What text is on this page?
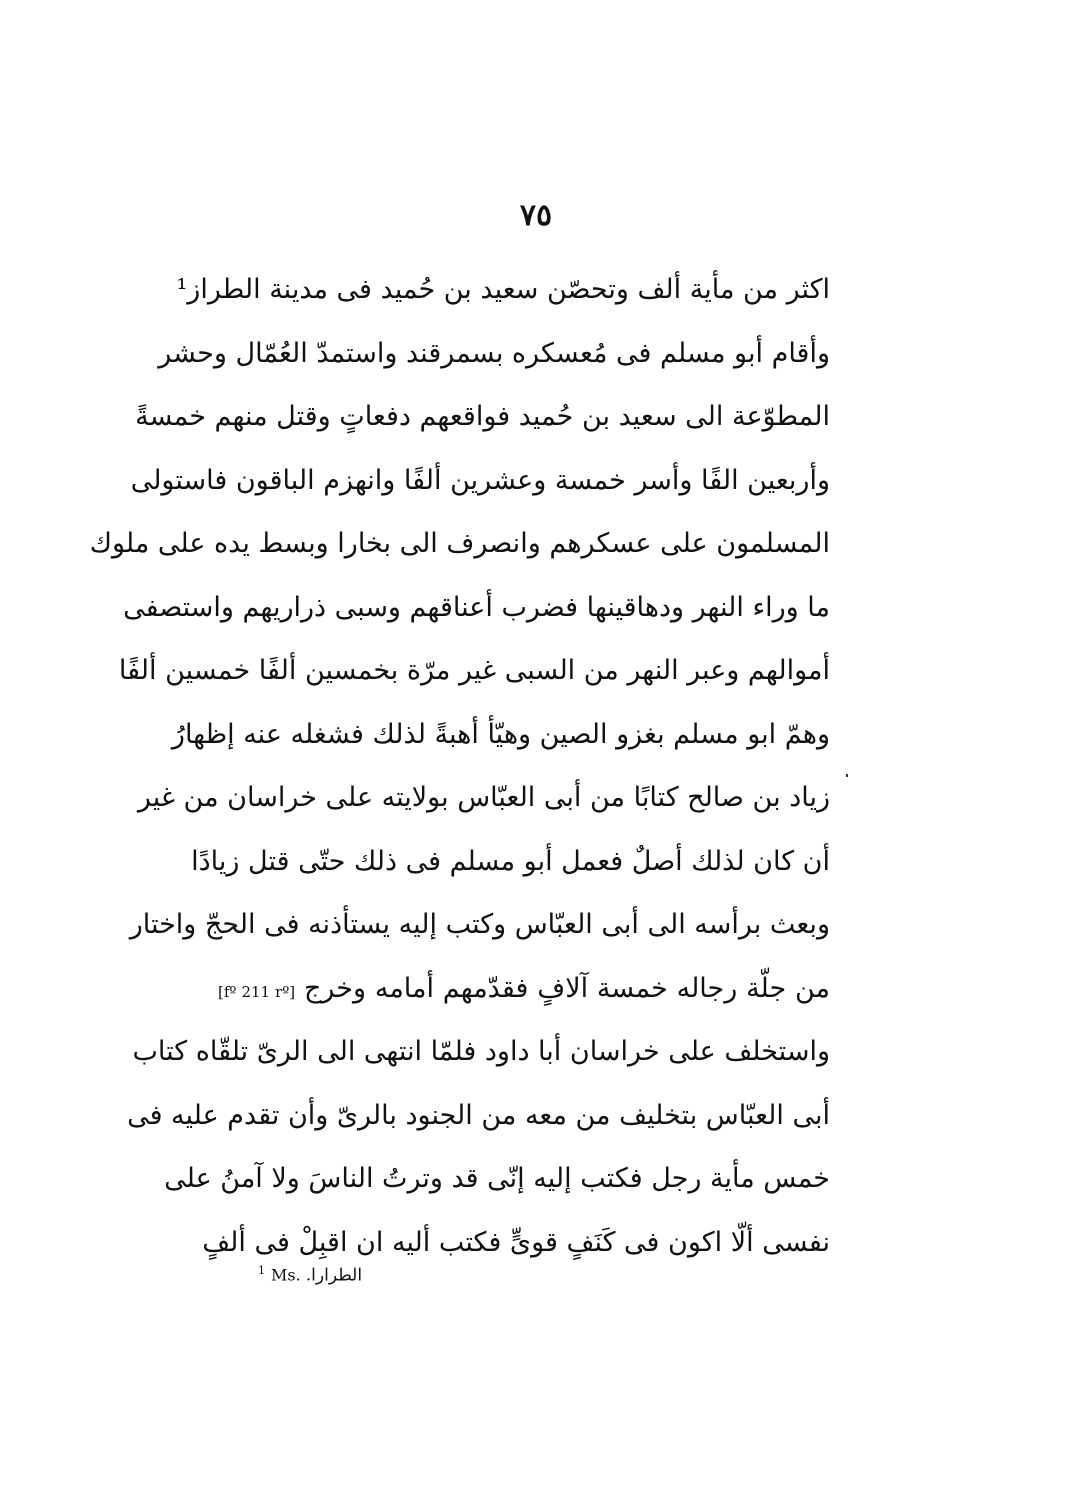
٧٥
اكثر من مأية ألف وتحصّن سعيد بن حُميد فى مدينة الطراز¹
وأقام أبو مسلم فى مُعسكره بسمرقند واستمدّ العُمّال وحشر
المطوّعة الى سعيد بن حُميد فواقعهم دفعاتٍ وقتل منهم خمسةً
وأربعين الفًا وأسر خمسة وعشرين ألفًا وانهزم الباقون فاستولى
المسلمون على عسكرهم وانصرف الى بخارا وبسط يده على ملوك
ما وراء النهر ودهاقينها فضرب أعناقهم وسبى ذراريهم واستصفى
أموالهم وعبر النهر من السبى غير مرّة بخمسين ألفًا خمسين ألفًا
وهمّ ابو مسلم بغزو الصين وهيّأ أهبةً لذلك فشغله عنه إظهارُ
زياد بن صالح كتابًا من أبى العبّاس بولايته على خراسان من غير
أن كان لذلك أصلٌ فعمل أبو مسلم فى ذلك حتّى قتل زيادًا
وبعث برأسه الى أبى العبّاس وكتب إليه يستأذنه فى الحجّ واختار
من جلّة رجاله خمسة آلافٍ فقدّمهم أمامه وخرج [fº 211 rº]
واستخلف على خراسان أبا داود فلمّا انتهى الى الرىّ تلقّاه كتاب
أبى العبّاس بتخليف من معه من الجنود بالرىّ وأن تقدم عليه فى
خمس مأية رجل فكتب إليه إنّى قد وترتُ الناسَ ولا آمنُ على
نفسى ألّا اكون فى كَنَفٍ قوىٍّ فكتب أليه ان اقبِلْ فى ألفٍ
$^1$ Ms. الطرارا.
